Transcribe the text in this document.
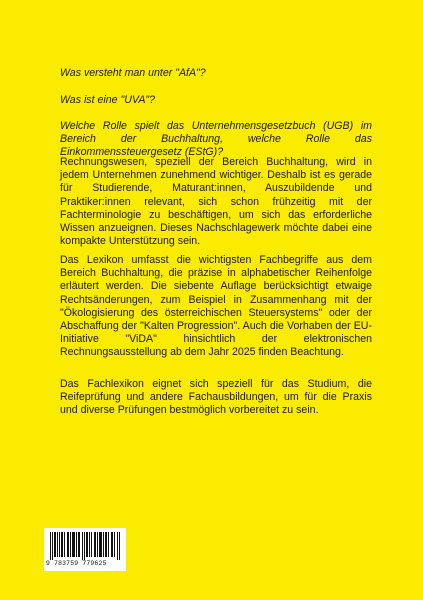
Was versteht man unter "AfA"?
Was ist eine "UVA"?
Welche Rolle spielt das Unternehmensgesetzbuch (UGB) im Bereich der Buchhaltung, welche Rolle das Einkommenssteuergesetz (EStG)?
Rechnungswesen, speziell der Bereich Buchhaltung, wird in jedem Unternehmen zunehmend wichtiger. Deshalb ist es gerade für Studierende, Maturant:innen, Auszubildende und Praktiker:innen relevant, sich schon frühzeitig mit der Fachterminologie zu beschäftigen, um sich das erforderliche Wissen anzueignen. Dieses Nachschlagewerk möchte dabei eine kompakte Unterstützung sein.
Das Lexikon umfasst die wichtigsten Fachbegriffe aus dem Bereich Buchhaltung, die präzise in alphabetischer Reihenfolge erläutert werden. Die siebente Auflage berücksichtigt etwaige Rechtsänderungen, zum Beispiel in Zusammenhang mit der "Ökologisierung des österreichischen Steuersystems" oder der Abschaffung der "Kalten Progression". Auch die Vorhaben der EU-Initiative "ViDA" hinsichtlich der elektronischen Rechnungsausstellung ab dem Jahr 2025 finden Beachtung.
Das Fachlexikon eignet sich speziell für das Studium, die Reifeprüfung und andere Fachausbildungen, um für die Praxis und diverse Prüfungen bestmöglich vorbereitet zu sein.
9 783759 779625
